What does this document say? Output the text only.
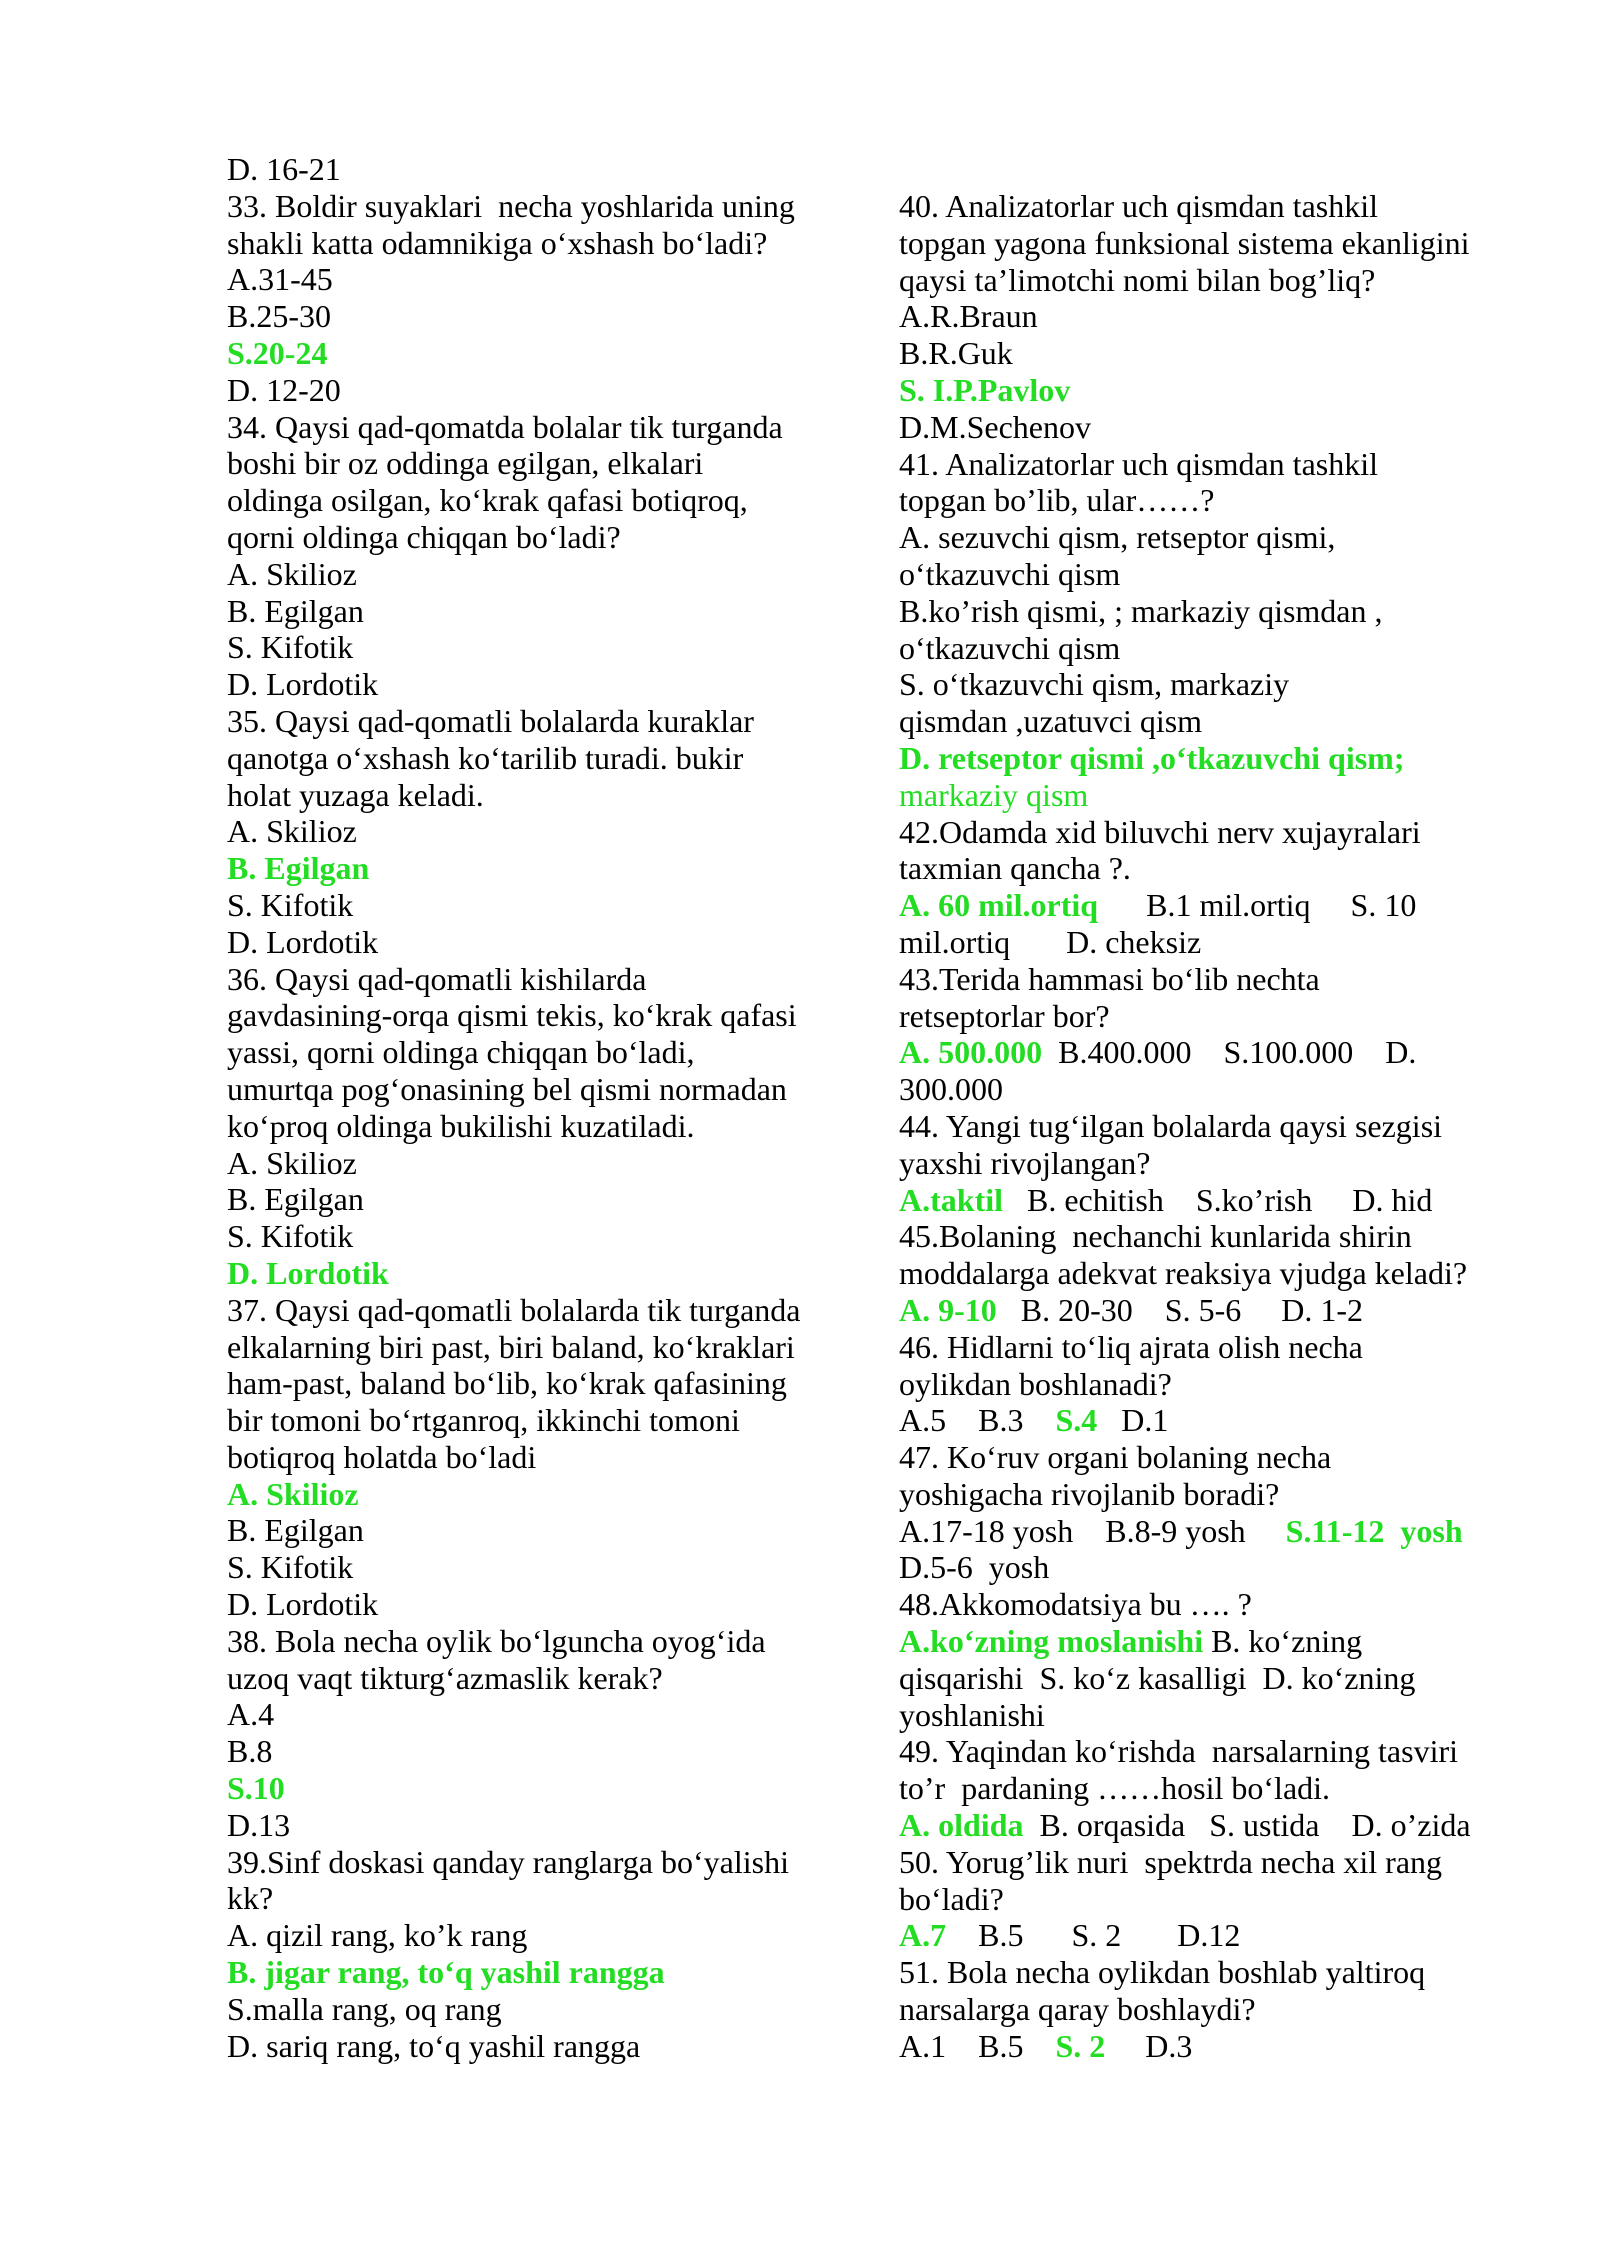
D. 16-21
33. Boldir suyaklari  necha yoshlarida uning
shakli katta odamnikiga o‘xshash bo‘ladi?
A.31-45
B.25-30
S.20-24
D. 12-20
34. Qaysi qad-qomatda bolalar tik turganda
boshi bir oz oddinga egilgan, elkalari
oldinga osilgan, ko‘krak qafasi botiqroq,
qorni oldinga chiqqan bo‘ladi?
A. Skilioz
B. Egilgan
S. Kifotik
D. Lordotik
35. Qaysi qad-qomatli bolalarda kuraklar
qanotga o‘xshash ko‘tarilib turadi. bukir
holat yuzaga keladi.
A. Skilioz
B. Egilgan
S. Kifotik
D. Lordotik
36. Qaysi qad-qomatli kishilarda
gavdasining-orqa qismi tekis, ko‘krak qafasi
yassi, qorni oldinga chiqqan bo‘ladi,
umurtqa pog‘onasining bel qismi normadan
ko‘proq oldinga bukilishi kuzatiladi.
A. Skilioz
B. Egilgan
S. Kifotik
D. Lordotik
37. Qaysi qad-qomatli bolalarda tik turganda
elkalarning biri past, biri baland, ko‘kraklari
ham-past, baland bo‘lib, ko‘krak qafasining
bir tomoni bo‘rtganroq, ikkinchi tomoni
botiqroq holatda bo‘ladi
A. Skilioz
B. Egilgan
S. Kifotik
D. Lordotik
38. Bola necha oylik bo‘lguncha oyog‘ida
uzoq vaqt tikturg‘azmaslik kerak?
A.4
B.8
S.10
D.13
39.Sinf doskasi qanday ranglarga bo‘yalishi
kk?
A. qizil rang, ko’k rang
B. jigar rang, to‘q yashil rangga
S.malla rang, oq rang
D. sariq rang, to‘q yashil rangga
40. Analizatorlar uch qismdan tashkil
topgan yagona funksional sistema ekanligini
qaysi ta’limotchi nomi bilan bog’liq?
A.R.Braun
B.R.Guk
S. I.P.Pavlov
D.M.Sechenov
41. Analizatorlar uch qismdan tashkil
topgan bo’lib, ular……?
A. sezuvchi qism, retseptor qismi,
o‘tkazuvchi qism
B.ko’rish qismi, ; markaziy qismdan ,
o‘tkazuvchi qism
S. o‘tkazuvchi qism, markaziy
qismdan ,uzatuvci qism
D. retseptor qismi ,o‘tkazuvchi qism;
markaziy qism
42.Odamda xid biluvchi nerv xujayralari
taxmian qancha ?.
A. 60 mil.ortiq      B.1 mil.ortiq     S. 10
mil.ortiq       D. cheksiz
43.Terida hammasi bo‘lib nechta
retseptorlar bor?
A. 500.000  B.400.000    S.100.000    D.
300.000
44. Yangi tug‘ilgan bolalarda qaysi sezgisi
yaxshi rivojlangan?
A.taktil   B. echitish    S.ko’rish     D. hid
45.Bolaning  nechanchi kunlarida shirin
moddalarga adekvat reaksiya vjudga keladi?
A. 9-10   B. 20-30    S. 5-6     D. 1-2
46. Hidlarni to‘liq ajrata olish necha
oylikdan boshlanadi?
A.5    B.3    S.4   D.1
47. Ko‘ruv organi bolaning necha
yoshigacha rivojlanib boradi?
A.17-18 yosh    B.8-9 yosh     S.11-12  yosh
D.5-6  yosh
48.Akkomodatsiya bu …. ?
A.ko‘zning moslanishi B. ko‘zning
qisqarishi  S. ko‘z kasalligi  D. ko‘zning
yoshlanishi
49. Yaqindan ko‘rishda  narsalarning tasviri
to’r  pardaning ……hosil bo‘ladi.
A. oldida  B. orqasida   S. ustida    D. o’zida
50. Yorug’lik nuri  spektrda necha xil rang
bo‘ladi?
A.7    B.5      S. 2       D.12
51. Bola necha oylikdan boshlab yaltiroq
narsalarga qaray boshlaydi?
A.1    B.5    S. 2     D.3
